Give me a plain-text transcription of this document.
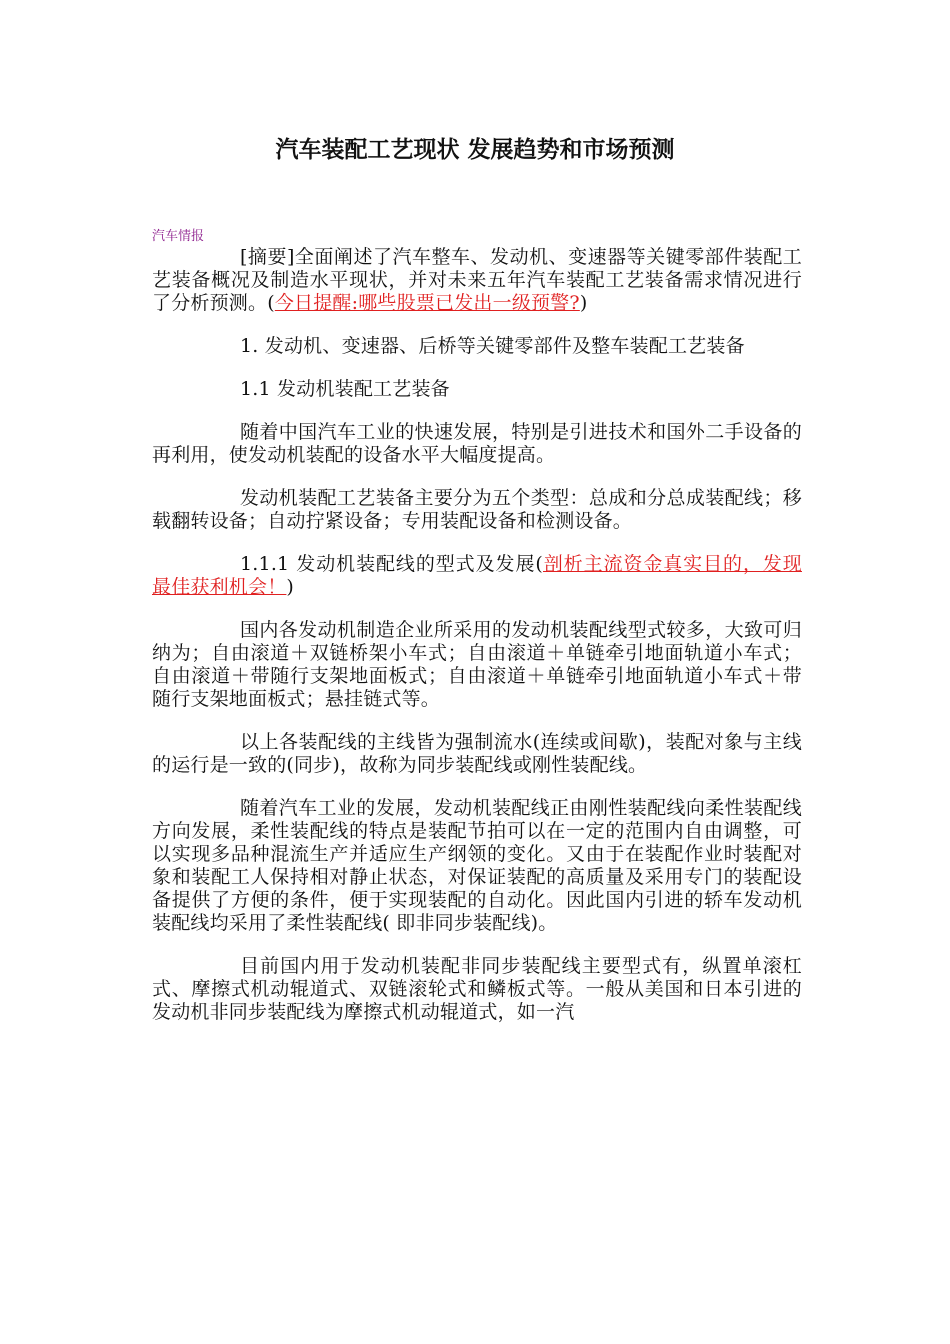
汽车装配工艺现状 发展趋势和市场预测
汽车情报

[摘要]全面阐述了汽车整车、发动机、变速器等关键零部件装配工艺装备概况及制造水平现状，并对未来五年汽车装配工艺装备需求情况进行了分析预测。(今日提醒:哪些股票已发出一级预警?)

1. 发动机、变速器、后桥等关键零部件及整车装配工艺装备

1.1 发动机装配工艺装备

随着中国汽车工业的快速发展，特别是引进技术和国外二手设备的再利用，使发动机装配的设备水平大幅度提高。

发动机装配工艺装备主要分为五个类型：总成和分总成装配线；移载翻转设备；自动拧紧设备；专用装配设备和检测设备。

1.1.1 发动机装配线的型式及发展(剖析主流资金真实目的，发现最佳获利机会！)

国内各发动机制造企业所采用的发动机装配线型式较多，大致可归纳为；自由滚道＋双链桥架小车式；自由滚道＋单链牵引地面轨道小车式；自由滚道＋带随行支架地面板式；自由滚道＋单链牵引地面轨道小车式＋带随行支架地面板式；悬挂链式等。

以上各装配线的主线皆为强制流水(连续或间歇)，装配对象与主线的运行是一致的(同步)，故称为同步装配线或刚性装配线。

随着汽车工业的发展，发动机装配线正由刚性装配线向柔性装配线方向发展，柔性装配线的特点是装配节拍可以在一定的范围内自由调整，可以实现多品种混流生产并适应生产纲领的变化。又由于在装配作业时装配对象和装配工人保持相对静止状态，对保证装配的高质量及采用专门的装配设备提供了方便的条件，便于实现装配的自动化。因此国内引进的轿车发动机装配线均采用了柔性装配线( 即非同步装配线)。

目前国内用于发动机装配非同步装配线主要型式有，纵置单滚杠式、摩擦式机动辊道式、双链滚轮式和鳞板式等。一般从美国和日本引进的发动机非同步装配线为摩擦式机动辊道式，如一汽
